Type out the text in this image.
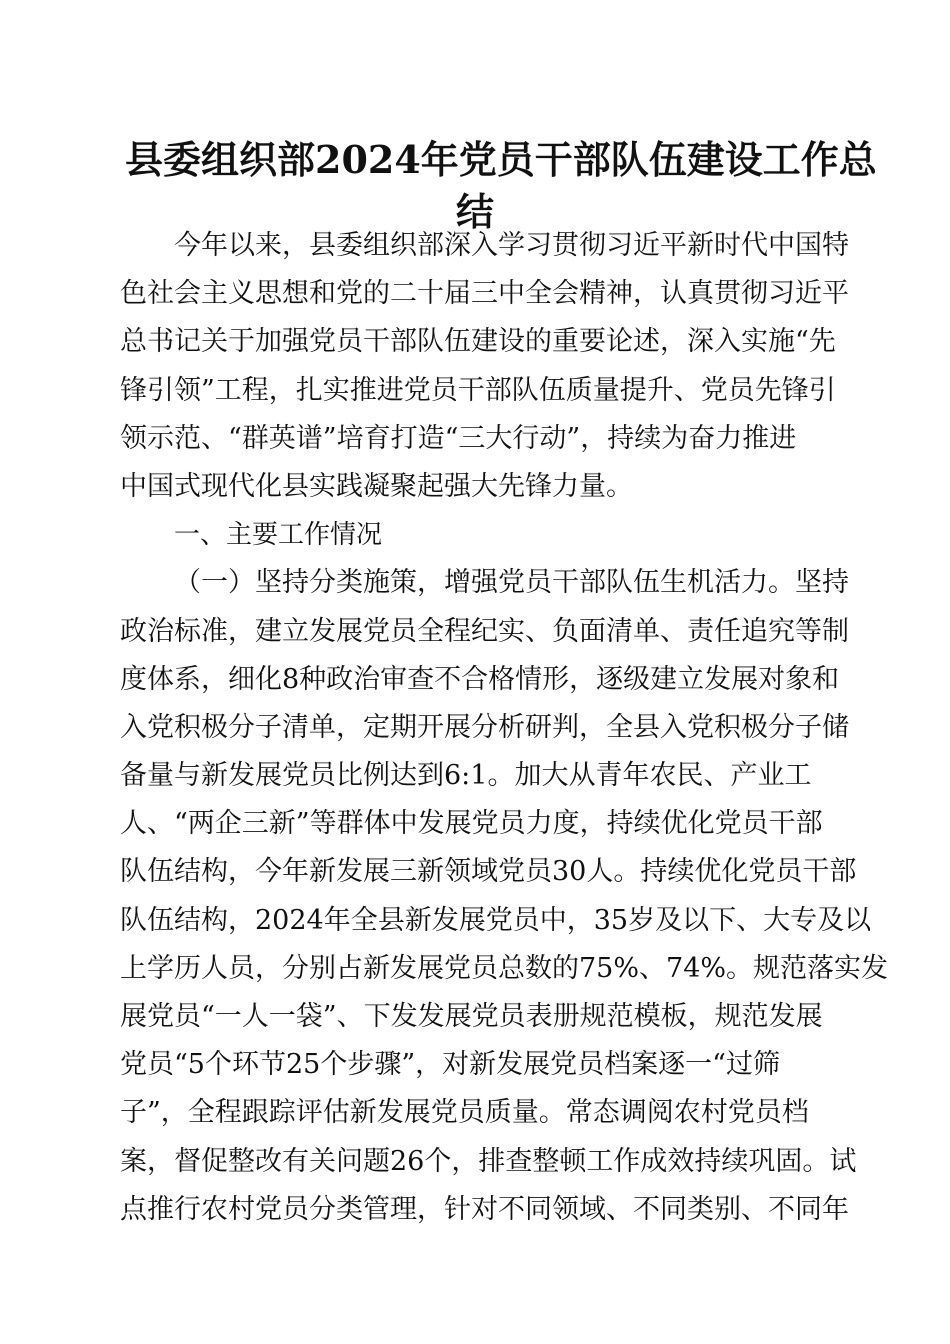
县委组织部2024年党员干部队伍建设工作总
结
今年以来，县委组织部深入学习贯彻习近平新时代中国特
色社会主义思想和党的二十届三中全会精神，认真贯彻习近平
总书记关于加强党员干部队伍建设的重要论述，深入实施“先
锋引领”工程，扎实推进党员干部队伍质量提升、党员先锋引
领示范、“群英谱”培育打造“三大行动”，持续为奋力推进
中国式现代化县实践凝聚起强大先锋力量。
一、主要工作情况
（一）坚持分类施策，增强党员干部队伍生机活力。坚持
政治标准，建立发展党员全程纪实、负面清单、责任追究等制
度体系，细化8种政治审查不合格情形，逐级建立发展对象和
入党积极分子清单，定期开展分析研判，全县入党积极分子储
备量与新发展党员比例达到6:1。加大从青年农民、产业工
人、“两企三新”等群体中发展党员力度，持续优化党员干部
队伍结构，今年新发展三新领域党员30人。持续优化党员干部
队伍结构，2024年全县新发展党员中，35岁及以下、大专及以
上学历人员，分别占新发展党员总数的75%、74%。规范落实发
展党员“一人一袋”、下发发展党员表册规范模板，规范发展
党员“5个环节25个步骤”，对新发展党员档案逐一“过筛
子”，全程跟踪评估新发展党员质量。常态调阅农村党员档
案，督促整改有关问题26个，排查整顿工作成效持续巩固。试
点推行农村党员分类管理，针对不同领域、不同类别、不同年
